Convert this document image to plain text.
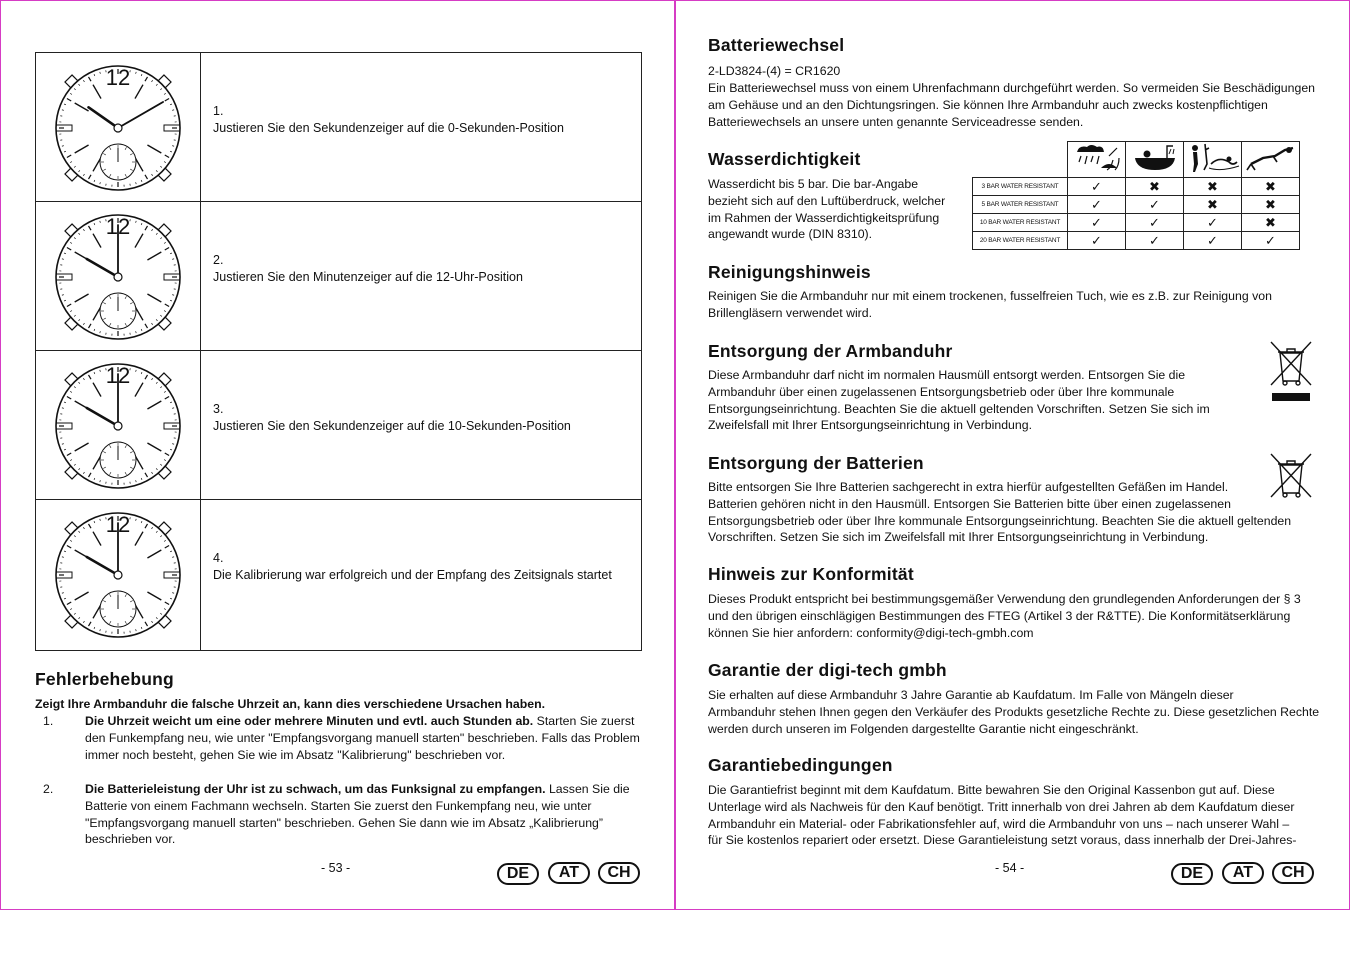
12
1.
Justieren Sie den Sekundenzeiger auf die 0-Sekunden-Position
12
2.
Justieren Sie den Minutenzeiger auf die 12-Uhr-Position
12
3.
Justieren Sie den Sekundenzeiger auf die 10-Sekunden-Position
12
4.
Die Kalibrierung war erfolgreich und der Empfang des Zeitsignals startet
Fehlerbehebung
Zeigt Ihre Armbanduhr die falsche Uhrzeit an, kann dies verschiedene Ursachen haben.
1.	Die Uhrzeit weicht um eine oder mehrere Minuten und evtl. auch Stunden ab. Starten Sie zuerst
den Funkempfang neu, wie unter "Empfangsvorgang manuell starten" beschrieben. Falls das Problem
immer noch besteht, gehen Sie wie im Absatz "Kalibrierung" beschrieben vor.
2.	Die Batterieleistung der Uhr ist zu schwach, um das Funksignal zu empfangen. Lassen Sie die
Batterie von einem Fachmann wechseln. Starten Sie zuerst den Funkempfang neu, wie unter
"Empfangsvorgang manuell starten" beschrieben. Gehen Sie dann wie im Absatz „Kalibrierung”
beschrieben vor.
- 53 -	DE	AT	CH
Batteriewechsel
2-LD3824-(4) = CR1620
Ein Batteriewechsel muss von einem Uhrenfachmann durchgeführt werden. So vermeiden Sie Beschädigungen
am Gehäuse und an den Dichtungsringen. Sie können Ihre Armbanduhr auch zwecks kostenpflichtigen
Batteriewechsels an unsere unten genannte Serviceadresse senden.
Wasserdichtigkeit
Wasserdicht bis 5 bar. Die bar-Angabe
bezieht sich auf den Luftüberdruck, welcher
im Rahmen der Wasserdichtigkeitsprüfung
angewandt wurde (DIN 8310).
Reinigungshinweis
Reinigen Sie die Armbanduhr nur mit einem trockenen, fusselfreien Tuch, wie es z.B. zur Reinigung von
Brillengläsern verwendet wird.
Entsorgung der Armbanduhr
Diese Armbanduhr darf nicht im normalen Hausmüll entsorgt werden. Entsorgen Sie die
Armbanduhr über einen zugelassenen Entsorgungsbetrieb oder über Ihre kommunale
Entsorgungseinrichtung. Beachten Sie die aktuell geltenden Vorschriften. Setzen Sie sich im
Zweifelsfall mit Ihrer Entsorgungseinrichtung in Verbindung.
Entsorgung der Batterien
Bitte entsorgen Sie Ihre Batterien sachgerecht in extra hierfür aufgestellten Gefäßen im Handel.
Batterien gehören nicht in den Hausmüll. Entsorgen Sie Batterien bitte über einen zugelassenen
Entsorgungsbetrieb oder über Ihre kommunale Entsorgungseinrichtung. Beachten Sie die aktuell geltenden
Vorschriften. Setzen Sie sich im Zweifelsfall mit Ihrer Entsorgungseinrichtung in Verbindung.
Hinweis zur Konformität
Dieses Produkt entspricht bei bestimmungsgemäßer Verwendung den grundlegenden Anforderungen der § 3
und den übrigen einschlägigen Bestimmungen des FTEG (Artikel 3 der R&TTE). Die Konformitätserklärung
können Sie hier anfordern: conformity@digi-tech-gmbh.com
Garantie der digi-tech gmbh
Sie erhalten auf diese Armbanduhr 3 Jahre Garantie ab Kaufdatum. Im Falle von Mängeln dieser
Armbanduhr stehen Ihnen gegen den Verkäufer des Produkts gesetzliche Rechte zu. Diese gesetzlichen Rechte
werden durch unseren im Folgenden dargestellte Garantie nicht eingeschränkt.
Garantiebedingungen
Die Garantiefrist beginnt mit dem Kaufdatum. Bitte bewahren Sie den Original Kassenbon gut auf. Diese
Unterlage wird als Nachweis für den Kauf benötigt. Tritt innerhalb von drei Jahren ab dem Kaufdatum dieser
Armbanduhr ein Material- oder Fabrikationsfehler auf, wird die Armbanduhr von uns – nach unserer Wahl –
für Sie kostenlos repariert oder ersetzt. Diese Garantieleistung setzt voraus, dass innerhalb der Drei-Jahres-
- 54 -	DE	AT	CH

3 BAR WATER RESISTANT	✓	✖	✖	✖
5 BAR WATER RESISTANT	✓	✓	✖	✖
10 BAR WATER RESISTANT	✓	✓	✓	✖
20 BAR WATER RESISTANT	✓	✓	✓	✓
